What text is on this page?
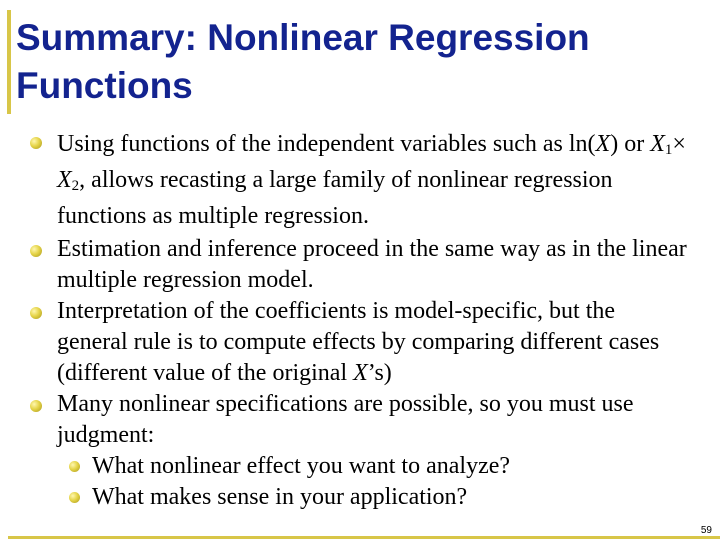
Summary: Nonlinear Regression
Functions

Using functions of the independent variables such as ln(X) or $X_1\times X_2$, allows recasting a large family of nonlinear regression functions as multiple regression.

Estimation and inference proceed in the same way as in the linear multiple regression model.

Interpretation of the coefficients is model-specific, but the general rule is to compute effects by comparing different cases (different value of the original X’s)

Many nonlinear specifications are possible, so you must use judgment:

What nonlinear effect you want to analyze?

What makes sense in your application?

59
